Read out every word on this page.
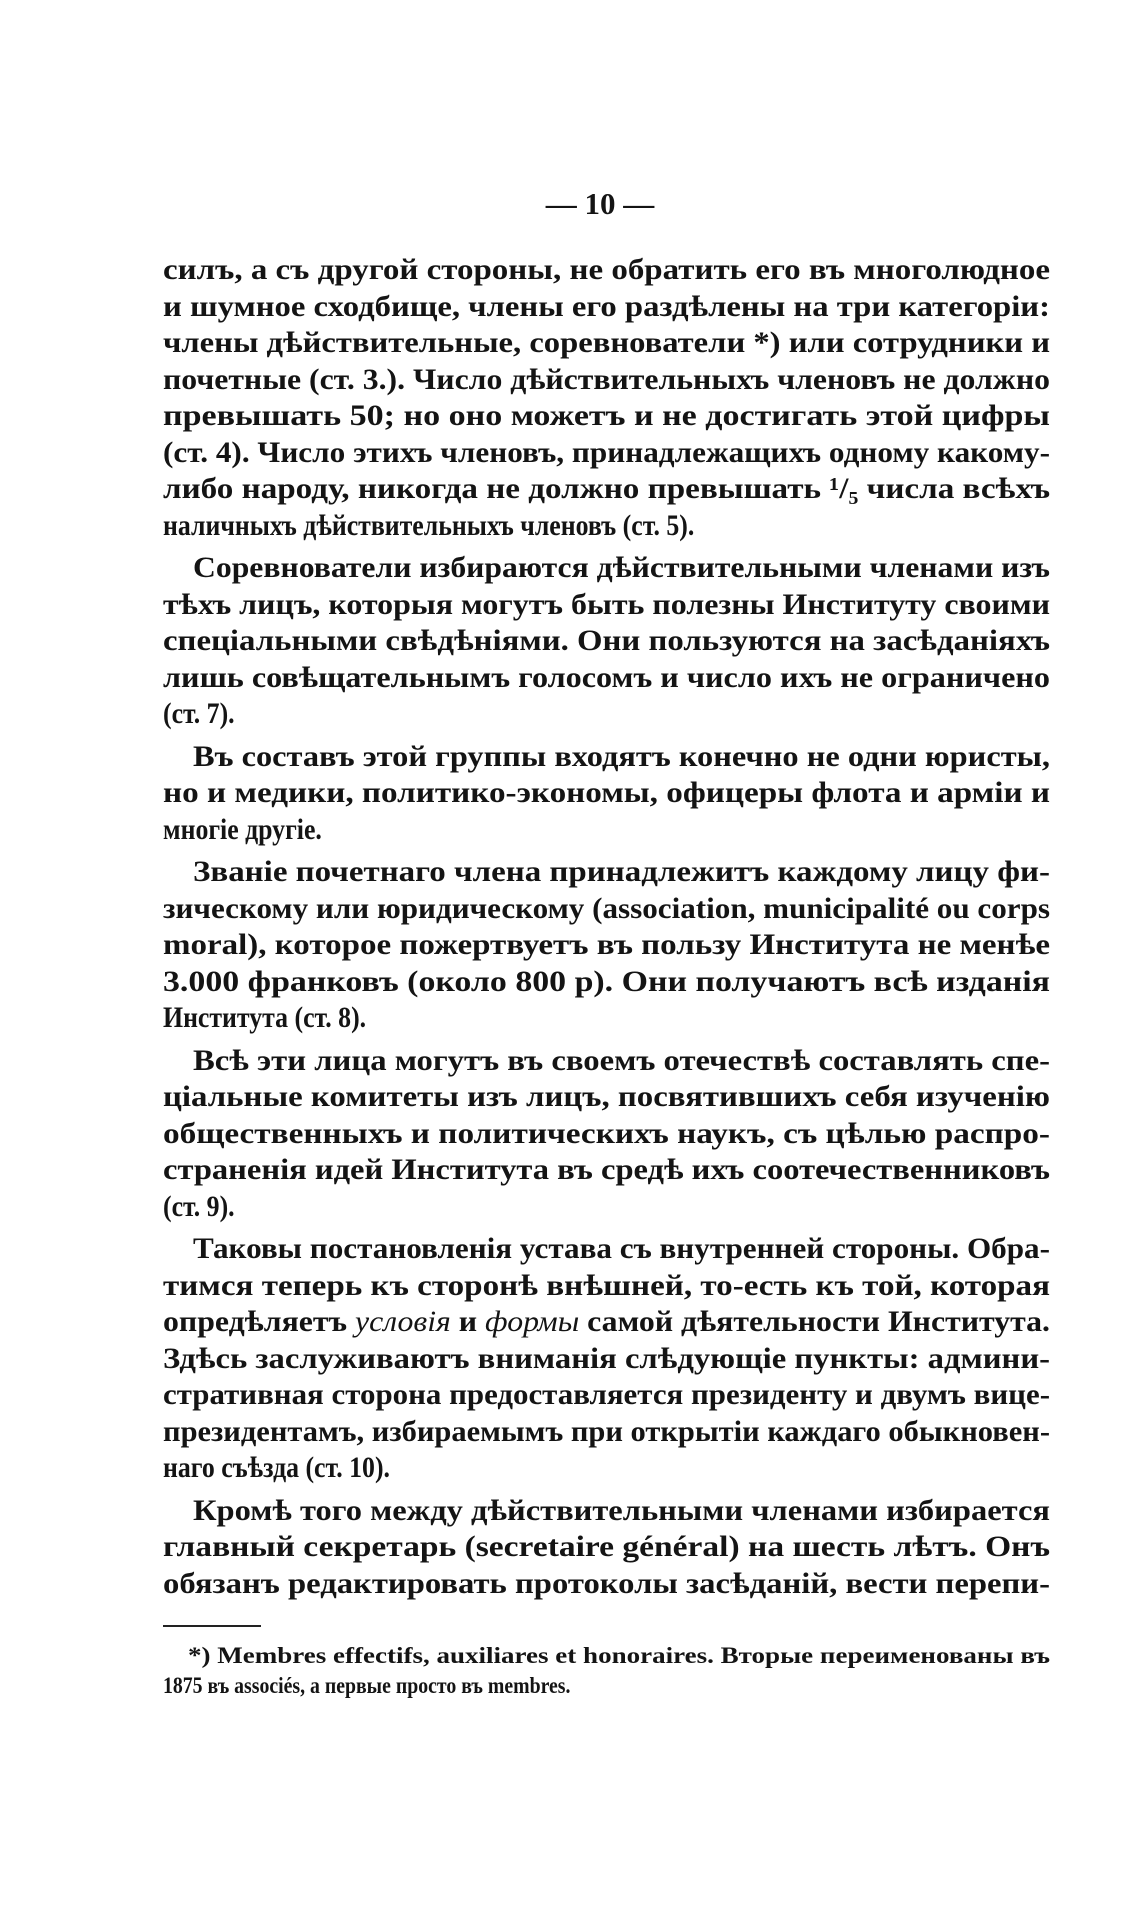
— 10 —
силъ, а съ другой стороны, не обратить его въ многолюдное
и шумное сходбище, члены его раздѣлены на три категоріи:
члены дѣйствительные, соревнователи *) или сотрудники и
почетные (ст. 3.). Число дѣйствительныхъ членовъ не должно
превышать 50; но оно можетъ и не достигать этой цифры
(ст. 4). Число этихъ членовъ, принадлежащихъ одному какому-
либо народу, никогда не должно превышать ¹/₅ числа всѣхъ
наличныхъ дѣйствительныхъ членовъ (ст. 5).
Соревнователи избираются дѣйствительными членами изъ
тѣхъ лицъ, которыя могутъ быть полезны Институту своими
спеціальными свѣдѣніями. Они пользуются на засѣданіяхъ
лишь совѣщательнымъ голосомъ и число ихъ не ограничено
(ст. 7).
Въ составъ этой группы входятъ конечно не одни юристы,
но и медики, политико-экономы, офицеры флота и арміи и
многіе другіе.
Званіе почетнаго члена принадлежитъ каждому лицу фи-
зическому или юридическому (association, municipalité ou corps
moral), которое пожертвуетъ въ пользу Института не менѣе
3.000 франковъ (около 800 р). Они получаютъ всѣ изданія
Института (ст. 8).
Всѣ эти лица могутъ въ своемъ отечествѣ составлять спе-
ціальные комитеты изъ лицъ, посвятившихъ себя изученію
общественныхъ и политическихъ наукъ, съ цѣлью распро-
страненія идей Института въ средѣ ихъ соотечественниковъ
(ст. 9).
Таковы постановленія устава съ внутренней стороны. Обра-
тимся теперь къ сторонѣ внѣшней, то-есть къ той, которая
опредѣляетъ условія и формы самой дѣятельности Института.
Здѣсь заслуживаютъ вниманія слѣдующіе пункты: админи-
стративная сторона предоставляется президенту и двумъ вице-
президентамъ, избираемымъ при открытіи каждаго обыкновен-
наго съѣзда (ст. 10).
Кромѣ того между дѣйствительными членами избирается
главный секретарь (secretaire général) на шесть лѣтъ. Онъ
обязанъ редактировать протоколы засѣданій, вести перепи-
*) Membres effectifs, auxiliares et honoraires. Вторые переименованы въ
1875 въ associés, а первые просто въ membres.
